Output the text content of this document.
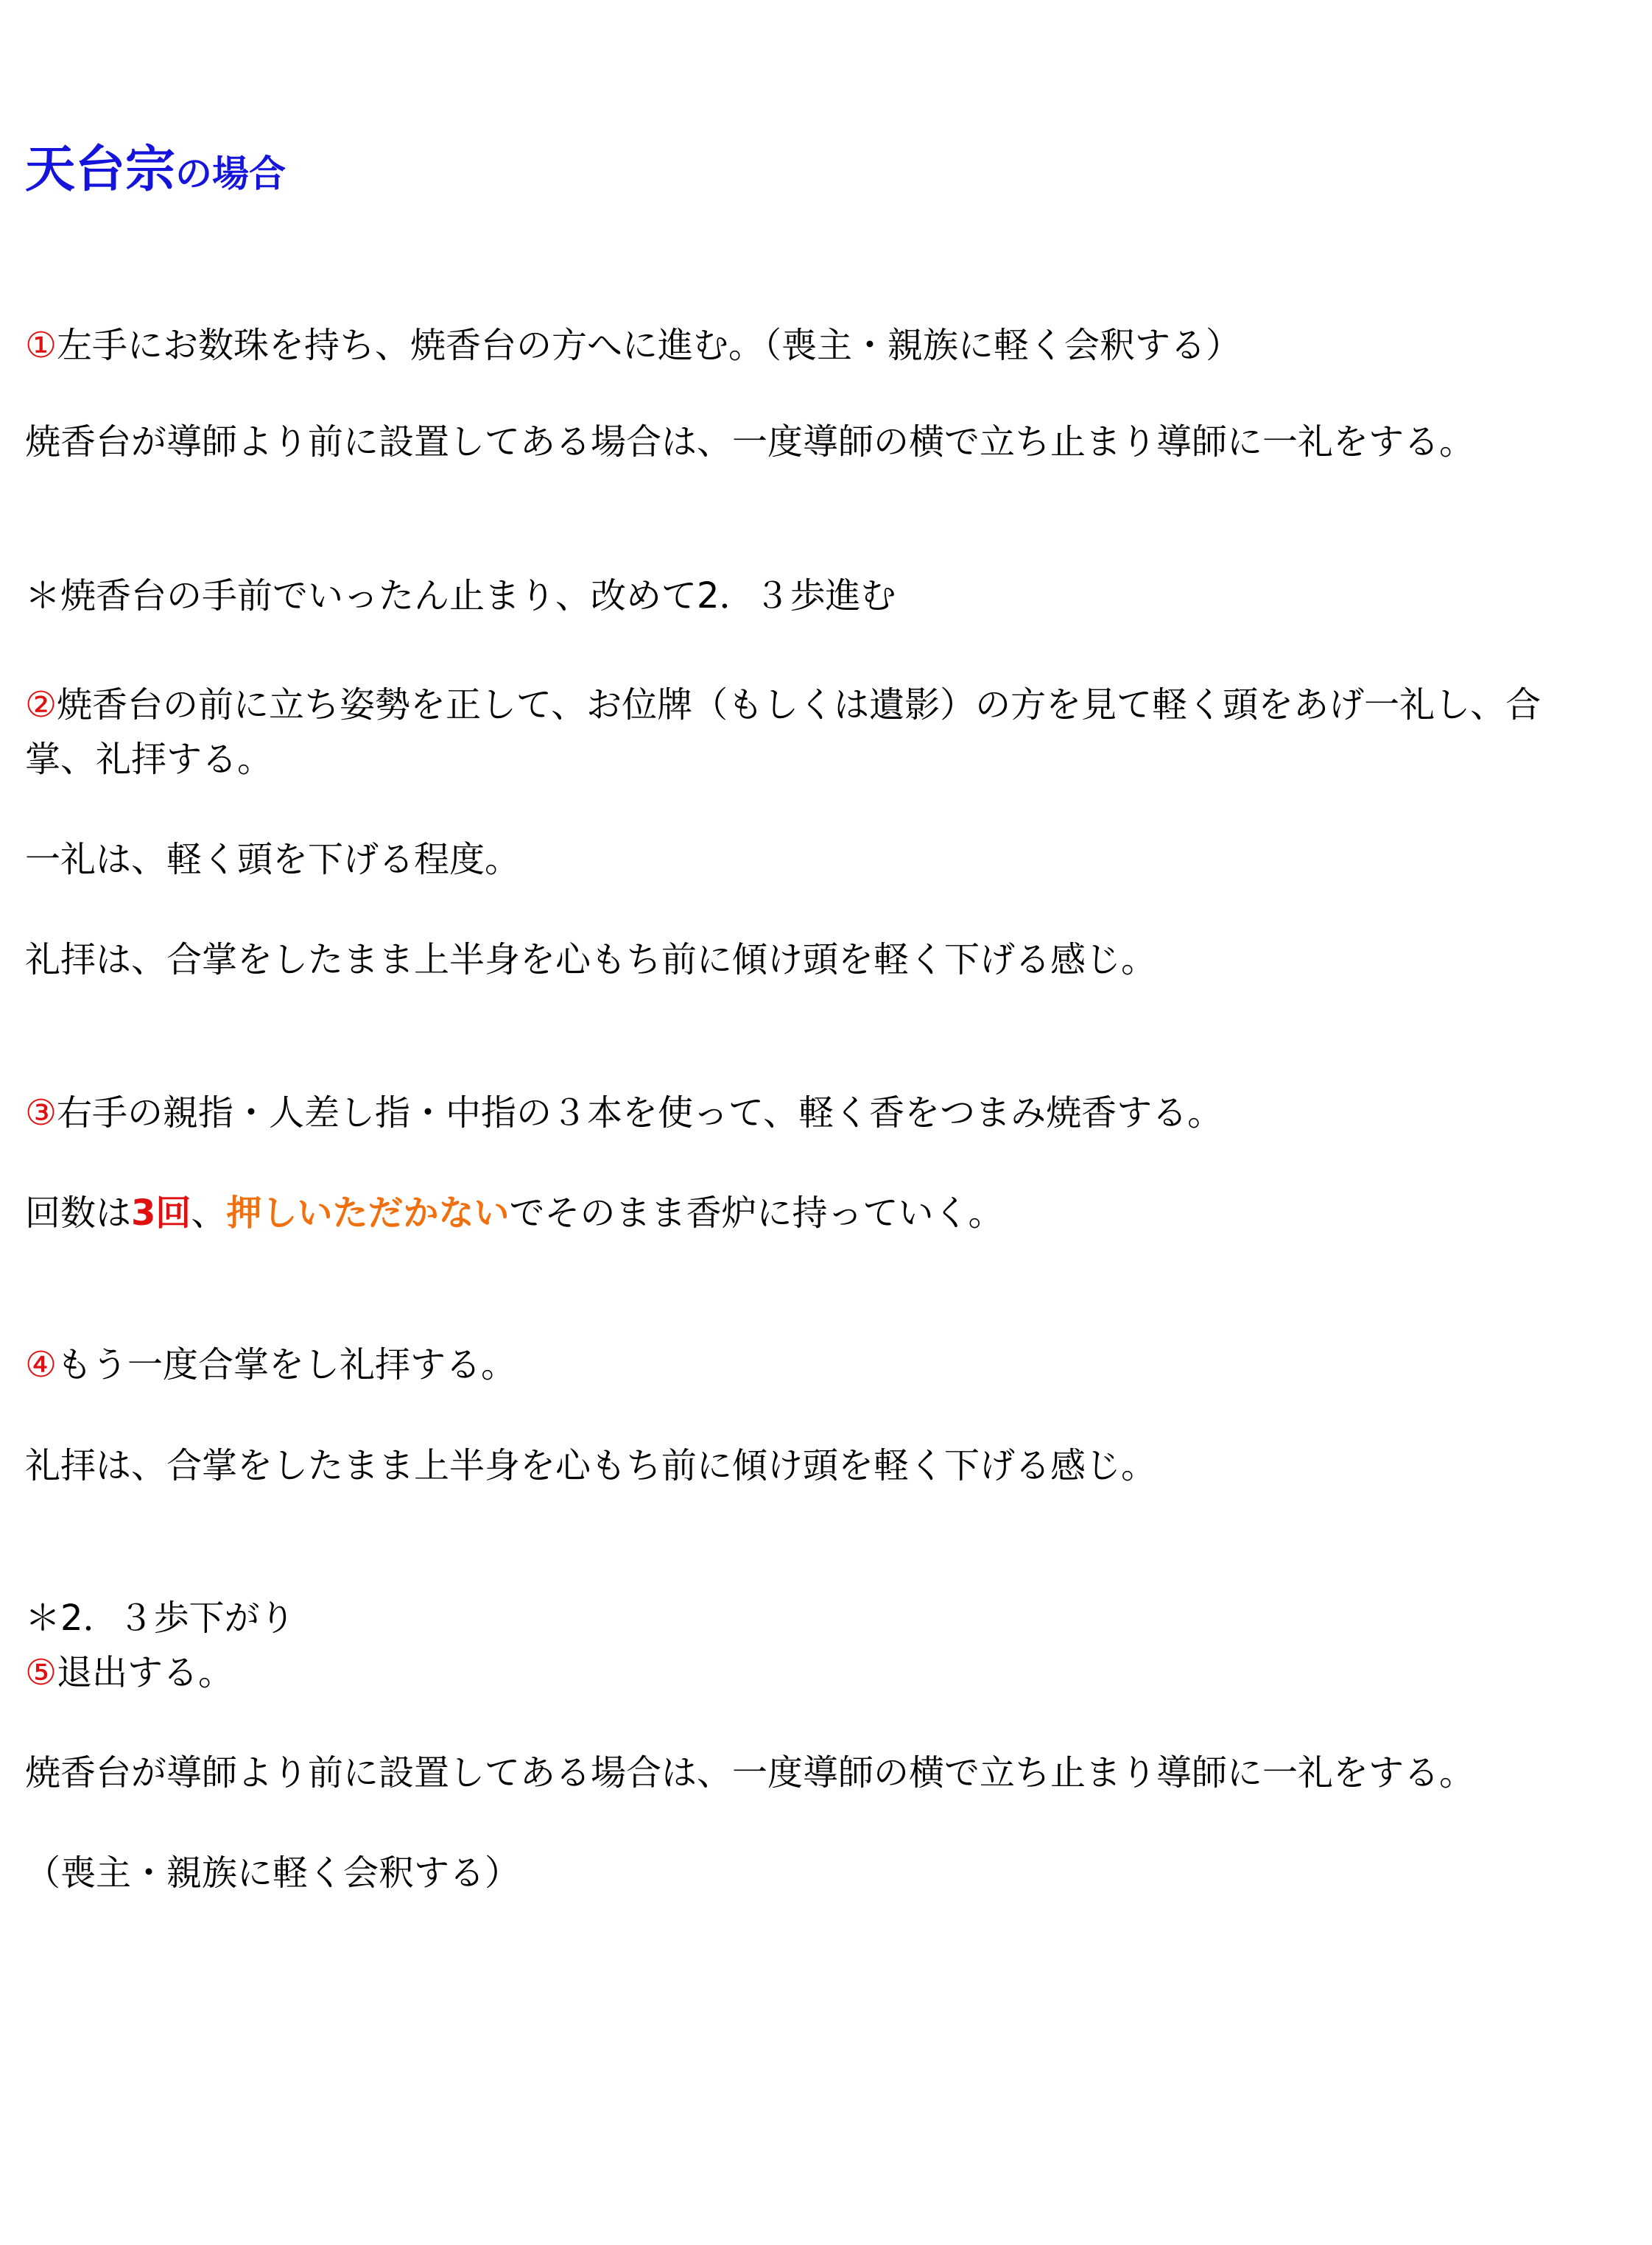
天台宗の場合

①左手にお数珠を持ち、焼香台の方へに進む。（喪主・親族に軽く会釈する）

焼香台が導師より前に設置してある場合は、一度導師の横で立ち止まり導師に一礼をする。

＊焼香台の手前でいったん止まり、改めて2．３歩進む

②焼香台の前に立ち姿勢を正して、お位牌（もしくは遺影）の方を見て軽く頭をあげ一礼し、合

掌、礼拝する。

一礼は、軽く頭を下げる程度。

礼拝は、合掌をしたまま上半身を心もち前に傾け頭を軽く下げる感じ。

③右手の親指・人差し指・中指の３本を使って、軽く香をつまみ焼香する。

回数は3回、押しいただかないでそのまま香炉に持っていく。

④もう一度合掌をし礼拝する。

礼拝は、合掌をしたまま上半身を心もち前に傾け頭を軽く下げる感じ。

＊2．３歩下がり

⑤退出する。

焼香台が導師より前に設置してある場合は、一度導師の横で立ち止まり導師に一礼をする。

（喪主・親族に軽く会釈する）
